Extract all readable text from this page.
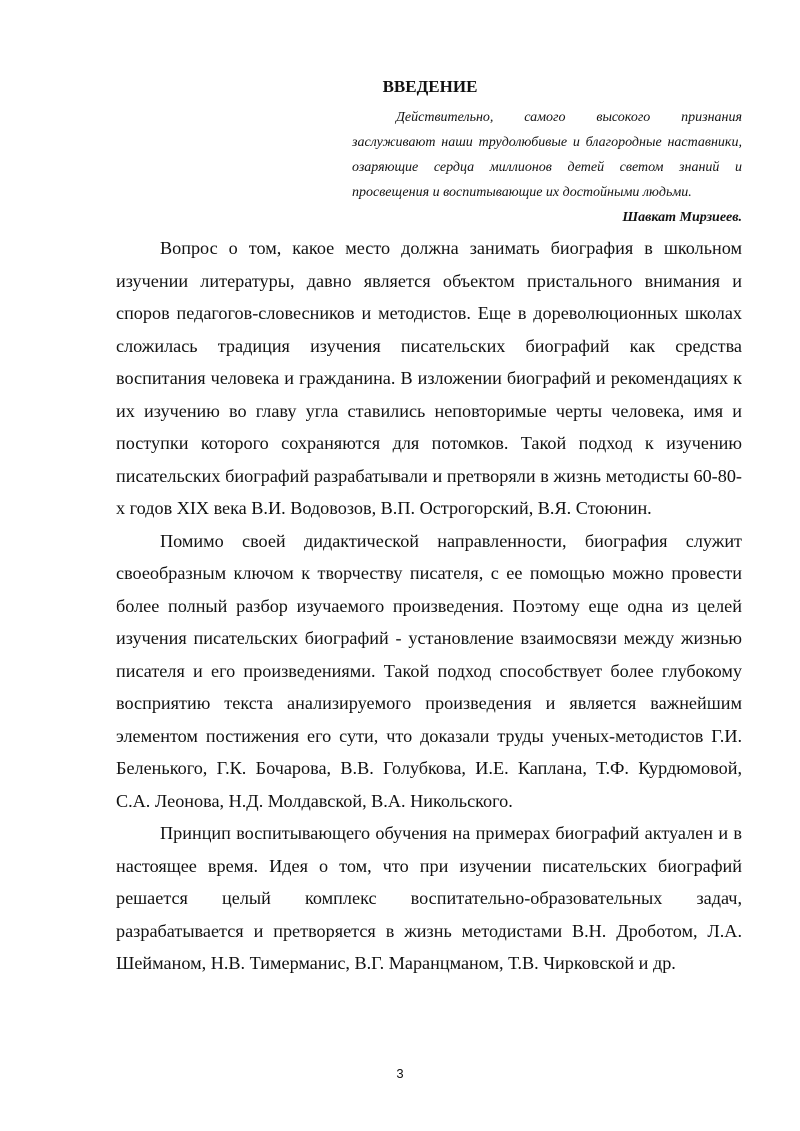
ВВЕДЕНИЕ
Действительно, самого высокого признания заслуживают наши трудолюбивые и благородные наставники, озаряющие сердца миллионов детей светом знаний и просвещения и воспитывающие их достойными людьми.
Шавкат Мирзиеев.

Вопрос о том, какое место должна занимать биография в школьном изучении литературы, давно является объектом пристального внимания и споров педагогов-словесников и методистов. Еще в дореволюционных школах сложилась традиция изучения писательских биографий как средства воспитания человека и гражданина. В изложении биографий и рекомендациях к их изучению во главу угла ставились неповторимые черты человека, имя и поступки которого сохраняются для потомков. Такой подход к изучению писательских биографий разрабатывали и претворяли в жизнь методисты 60-80-х годов XIX века В.И. Водовозов, В.П. Острогорский, В.Я. Стоюнин.

Помимо своей дидактической направленности, биография служит своеобразным ключом к творчеству писателя, с ее помощью можно провести более полный разбор изучаемого произведения. Поэтому еще одна из целей изучения писательских биографий - установление взаимосвязи между жизнью писателя и его произведениями. Такой подход способствует более глубокому восприятию текста анализируемого произведения и является важнейшим элементом постижения его сути, что доказали труды ученых-методистов Г.И. Беленького, Г.К. Бочарова, В.В. Голубкова, И.Е. Каплана, Т.Ф. Курдюмовой, С.А. Леонова, Н.Д. Молдавской, В.А. Никольского.

Принцип воспитывающего обучения на примерах биографий актуален и в настоящее время. Идея о том, что при изучении писательских биографий решается целый комплекс воспитательно-образовательных задач, разрабатывается и претворяется в жизнь методистами В.Н. Дроботом, Л.А. Шейманом, Н.В. Тимерманис, В.Г. Маранцманом, Т.В. Чирковской и др.

3
